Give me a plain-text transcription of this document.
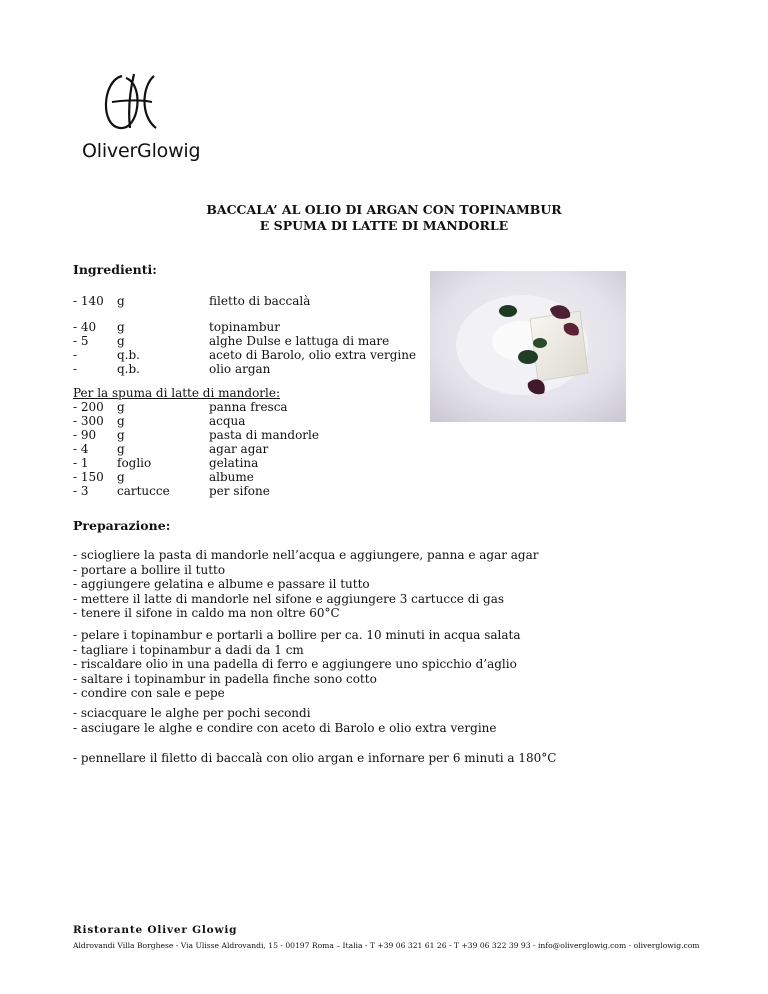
OliverGlowig
BACCALA’ AL OLIO DI ARGAN CON TOPINAMBUR
E SPUMA DI LATTE DI MANDORLE
Ingredienti:
- 140 g	filetto di baccalà
- 40 g	topinambur
- 5 g	alghe Dulse e lattuga di mare
-	q.b.	aceto di Barolo, olio extra vergine
-	q.b.	olio argan
Per la spuma di latte di mandorle:
- 200 g	panna fresca
- 300 g	acqua
- 90 g	pasta di mandorle
- 4 g	agar agar
- 1 foglio	gelatina
- 150 g	albume
- 3 cartucce	per sifone
Preparazione:
- sciogliere la pasta di mandorle nell’acqua e aggiungere, panna e agar agar
- portare a bollire il tutto
- aggiungere gelatina e albume e passare il tutto
- mettere il latte di mandorle nel sifone e aggiungere 3 cartucce di gas
- tenere il sifone in caldo ma non oltre 60°C
- pelare i topinambur e portarli a bollire per ca. 10 minuti in acqua salata
- tagliare i topinambur a dadi da 1 cm
- riscaldare olio in una padella di ferro e aggiungere uno spicchio d’aglio
- saltare i topinambur in padella finche sono cotto
- condire con sale e pepe
- sciacquare le alghe per pochi secondi
- asciugare le alghe e condire con aceto di Barolo e olio extra vergine
- pennellare il filetto di baccalà con olio argan e infornare per 6 minuti a 180°C
Ristorante Oliver Glowig
Aldrovandi Villa Borghese - Via Ulisse Aldrovandi, 15 - 00197 Roma – Italia - T +39 06 321 61 26 - T +39 06 322 39 93 - info@oliverglowig.com - oliverglowig.com
